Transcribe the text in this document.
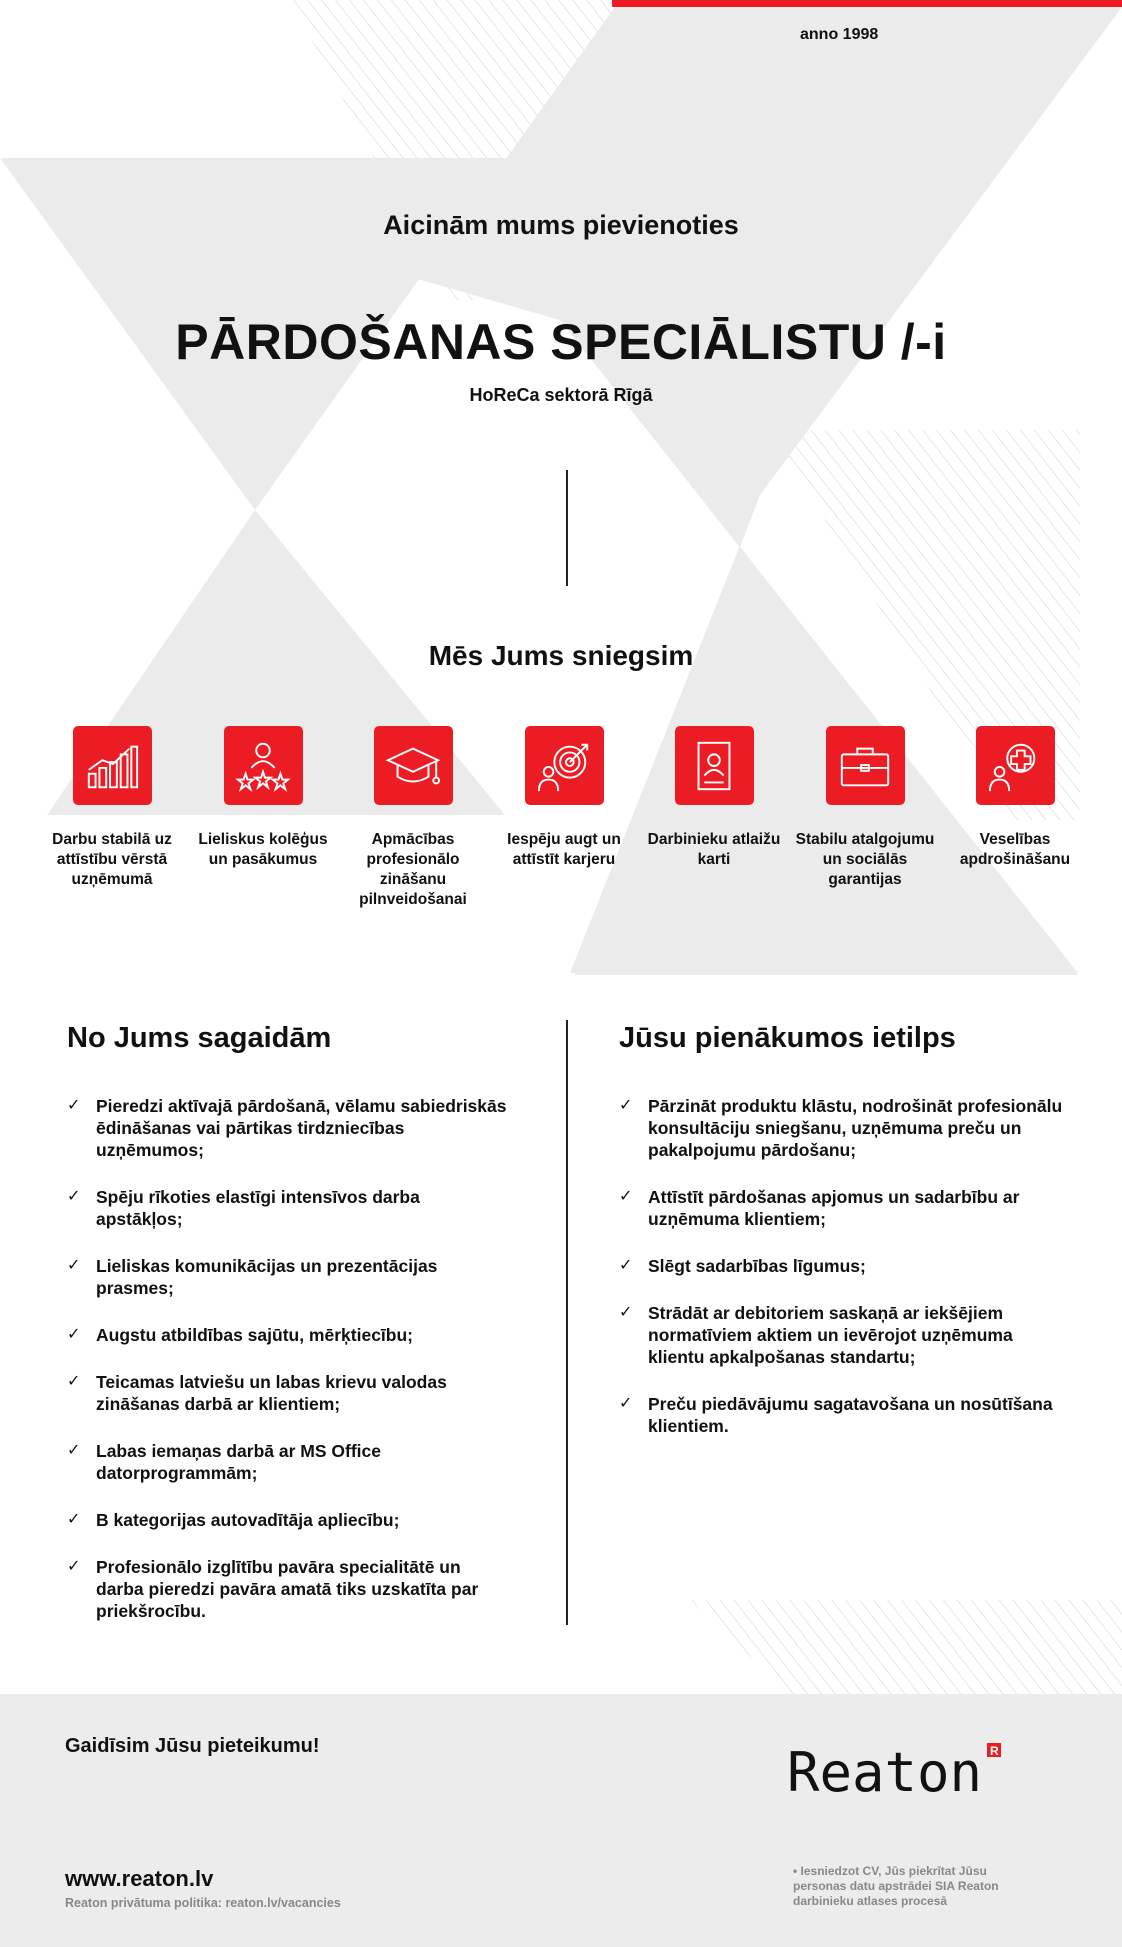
anno 1998
Aicinām mums pievienoties
PĀRDOŠANAS SPECIĀLISTU /-i
HoReCa sektorā Rīgā
Mēs Jums sniegsim
Darbu stabilā uz attīstību vērstā uzņēmumā
Lieliskus kolēģus un pasākumus
Apmācības profesionālo zināšanu pilnveidošanai
Iespēju augt un attīstīt karjeru
Darbinieku atlaižu karti
Stabilu atalgojumu un sociālās garantijas
Veselības apdrošināšanu
No Jums sagaidām
✓ Pieredzi aktīvajā pārdošanā, vēlamu sabiedriskās ēdināšanas vai pārtikas tirdzniecības uzņēmumos;
✓ Spēju rīkoties elastīgi intensīvos darba apstākļos;
✓ Lieliskas komunikācijas un prezentācijas prasmes;
✓ Augstu atbildības sajūtu, mērķtiecību;
✓ Teicamas latviešu un labas krievu valodas zināšanas darbā ar klientiem;
✓ Labas iemaņas darbā ar MS Office datorprogrammām;
✓ B kategorijas autovadītāja apliecību;
✓ Profesionālo izglītību pavāra specialitātē un darba pieredzi pavāra amatā tiks uzskatīta par priekšrocību.
Jūsu pienākumos ietilps
✓ Pārzināt produktu klāstu, nodrošināt profesionālu konsultāciju sniegšanu, uzņēmuma preču un pakalpojumu pārdošanu;
✓ Attīstīt pārdošanas apjomus un sadarbību ar uzņēmuma klientiem;
✓ Slēgt sadarbības līgumus;
✓ Strādāt ar debitoriem saskaņā ar iekšējiem normatīviem aktiem un ievērojot uzņēmuma klientu apkalpošanas standartu;
✓ Preču piedāvājumu sagatavošana un nosūtīšana klientiem.
Gaidīsim Jūsu pieteikumu!	Reaton R
www.reaton.lv
Reaton privātuma politika: reaton.lv/vacancies
• Iesniedzot CV, Jūs piekrītat Jūsu personas datu apstrādei SIA Reaton darbinieku atlases procesā
